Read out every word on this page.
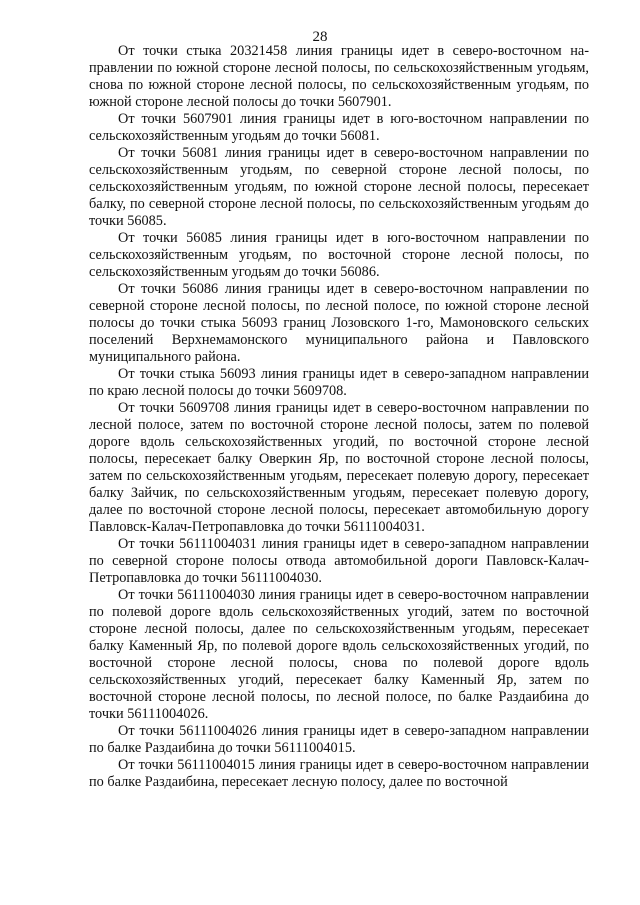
28

От точки стыка 20321458 линия границы идет в северо-восточном направлении по южной стороне лесной полосы, по сельскохозяйственным угодьям, снова по южной стороне лесной полосы, по сельскохозяйственным угодьям, по южной стороне лесной полосы до точки 5607901.

От точки 5607901 линия границы идет в юго-восточном направлении по сельскохозяйственным угодьям до точки 56081.

От точки 56081 линия границы идет в северо-восточном направлении по сельскохозяйственным угодьям, по северной стороне лесной полосы, по сельскохозяйственным угодьям, по южной стороне лесной полосы, пересекает балку, по северной стороне лесной полосы, по сельскохозяйственным угодьям до точки 56085.

От точки 56085 линия границы идет в юго-восточном направлении по сельскохозяйственным угодьям, по восточной стороне лесной полосы, по сельскохозяйственным угодьям до точки 56086.

От точки 56086 линия границы идет в северо-восточном направлении по северной стороне лесной полосы, по лесной полосе, по южной стороне лесной полосы до точки стыка 56093 границ Лозовского 1-го, Мамоновского сельских поселений Верхнемамонского муниципального района и Павловского муниципального района.

От точки стыка 56093 линия границы идет в северо-западном направлении по краю лесной полосы до точки 5609708.

От точки 5609708 линия границы идет в северо-восточном направлении по лесной полосе, затем по восточной стороне лесной полосы, затем по полевой дороге вдоль сельскохозяйственных угодий, по восточной стороне лесной полосы, пересекает балку Оверкин Яр, по восточной стороне лесной полосы, затем по сельскохозяйственным угодьям, пересекает полевую дорогу, пересекает балку Зайчик, по сельскохозяйственным угодьям, пересекает полевую дорогу, далее по восточной стороне лесной полосы, пересекает автомобильную дорогу Павловск-Калач-Петропавловка до точки 56111004031.

От точки 56111004031 линия границы идет в северо-западном направлении по северной стороне полосы отвода автомобильной дороги Павловск-Калач-Петропавловка до точки 56111004030.

От точки 56111004030 линия границы идет в северо-восточном направлении по полевой дороге вдоль сельскохозяйственных угодий, затем по восточной стороне лесной полосы, далее по сельскохозяйственным угодьям, пересекает балку Каменный Яр, по полевой дороге вдоль сельскохозяйственных угодий, по восточной стороне лесной полосы, снова по полевой дороге вдоль сельскохозяйственных угодий, пересекает балку Каменный Яр, затем по восточной стороне лесной полосы, по лесной полосе, по балке Раздаибина до точки 56111004026.

От точки 56111004026 линия границы идет в северо-западном направлении по балке Раздаибина до точки 56111004015.

От точки 56111004015 линия границы идет в северо-восточном направлении по балке Раздаибина, пересекает лесную полосу, далее по восточной
